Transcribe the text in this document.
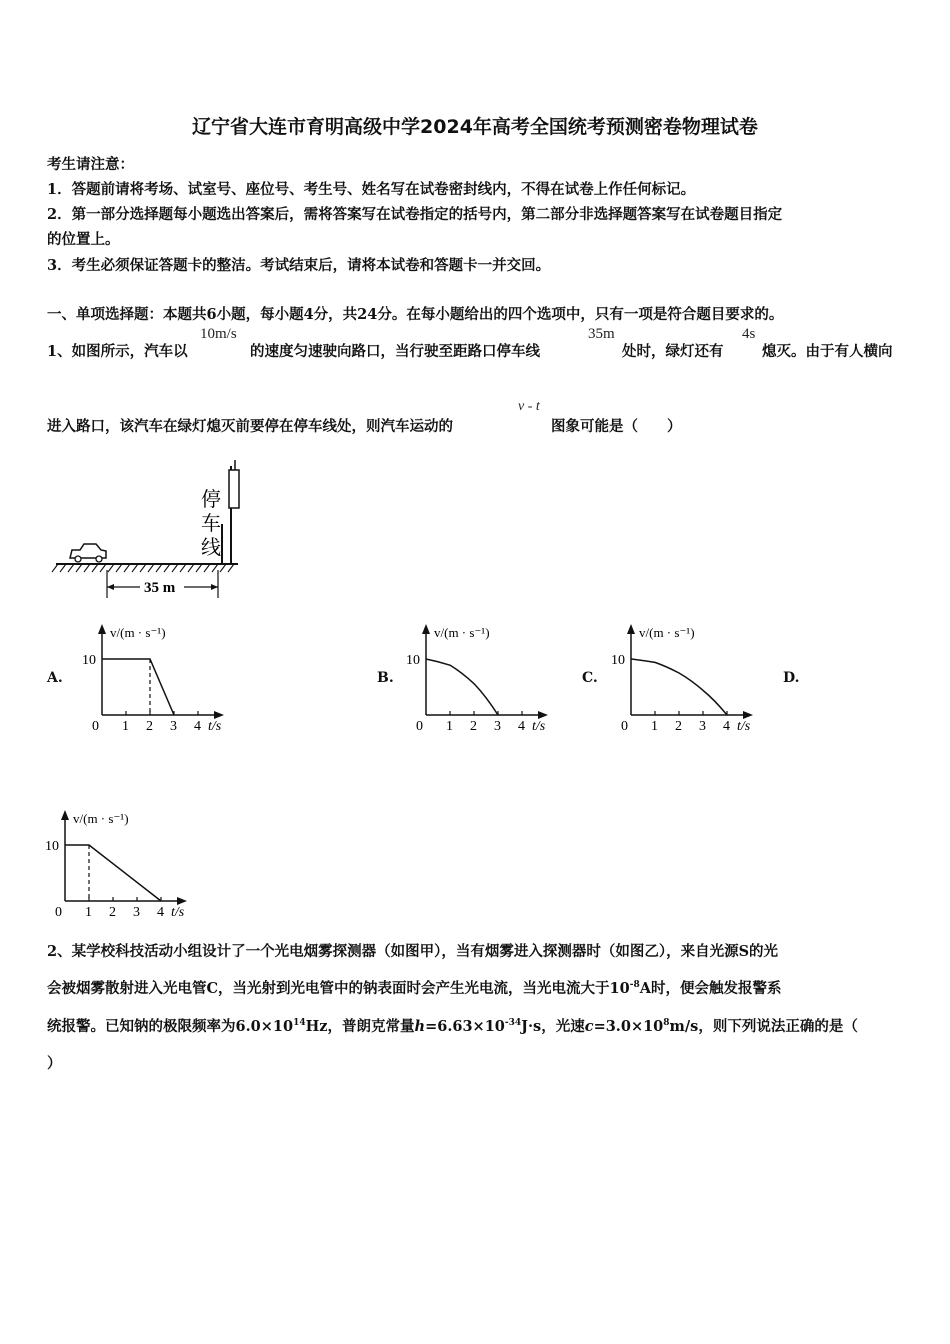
辽宁省大连市育明高级中学2024年高考全国统考预测密卷物理试卷
考生请注意：
1．答题前请将考场、试室号、座位号、考生号、姓名写在试卷密封线内，不得在试卷上作任何标记。
2．第一部分选择题每小题选出答案后，需将答案写在试卷指定的括号内，第二部分非选择题答案写在试卷题目指定
的位置上。
3．考生必须保证答题卡的整洁。考试结束后，请将本试卷和答题卡一并交回。
一、单项选择题：本题共6小题，每小题4分，共24分。在每小题给出的四个选项中，只有一项是符合题目要求的。
1、如图所示，汽车以
10m/s
的速度匀速驶向路口，当行驶至距路口停车线
35m
处时，绿灯还有
4s
熄灭。由于有人横向
进入路口，该汽车在绿灯熄灭前要停在停车线处，则汽车运动的
v - t
图象可能是（　　）
停
车
线
35 m
A.	B.	C.	D.
0 1 2 3 4 t/s
10
v/(m · s⁻¹)
0 1 2 3 4 t/s
10
v/(m · s⁻¹)
0 1 2 3 4 t/s
10
v/(m · s⁻¹)
0 1 2 3 4 t/s
10
v/(m · s⁻¹)
2、某学校科技活动小组设计了一个光电烟雾探测器（如图甲），当有烟雾进入探测器时（如图乙），来自光源S的光
会被烟雾散射进入光电管C，当光射到光电管中的钠表面时会产生光电流，当光电流大于$10^{-8}A$时，便会触发报警系
统报警。已知钠的极限频率为$6.0\times 10^{14}Hz$，普朗克常量$h=6.63\times 10^{-34}J\cdot s$，光速$c=3.0\times 10^8m/s$，则下列说法正确的是（
）
